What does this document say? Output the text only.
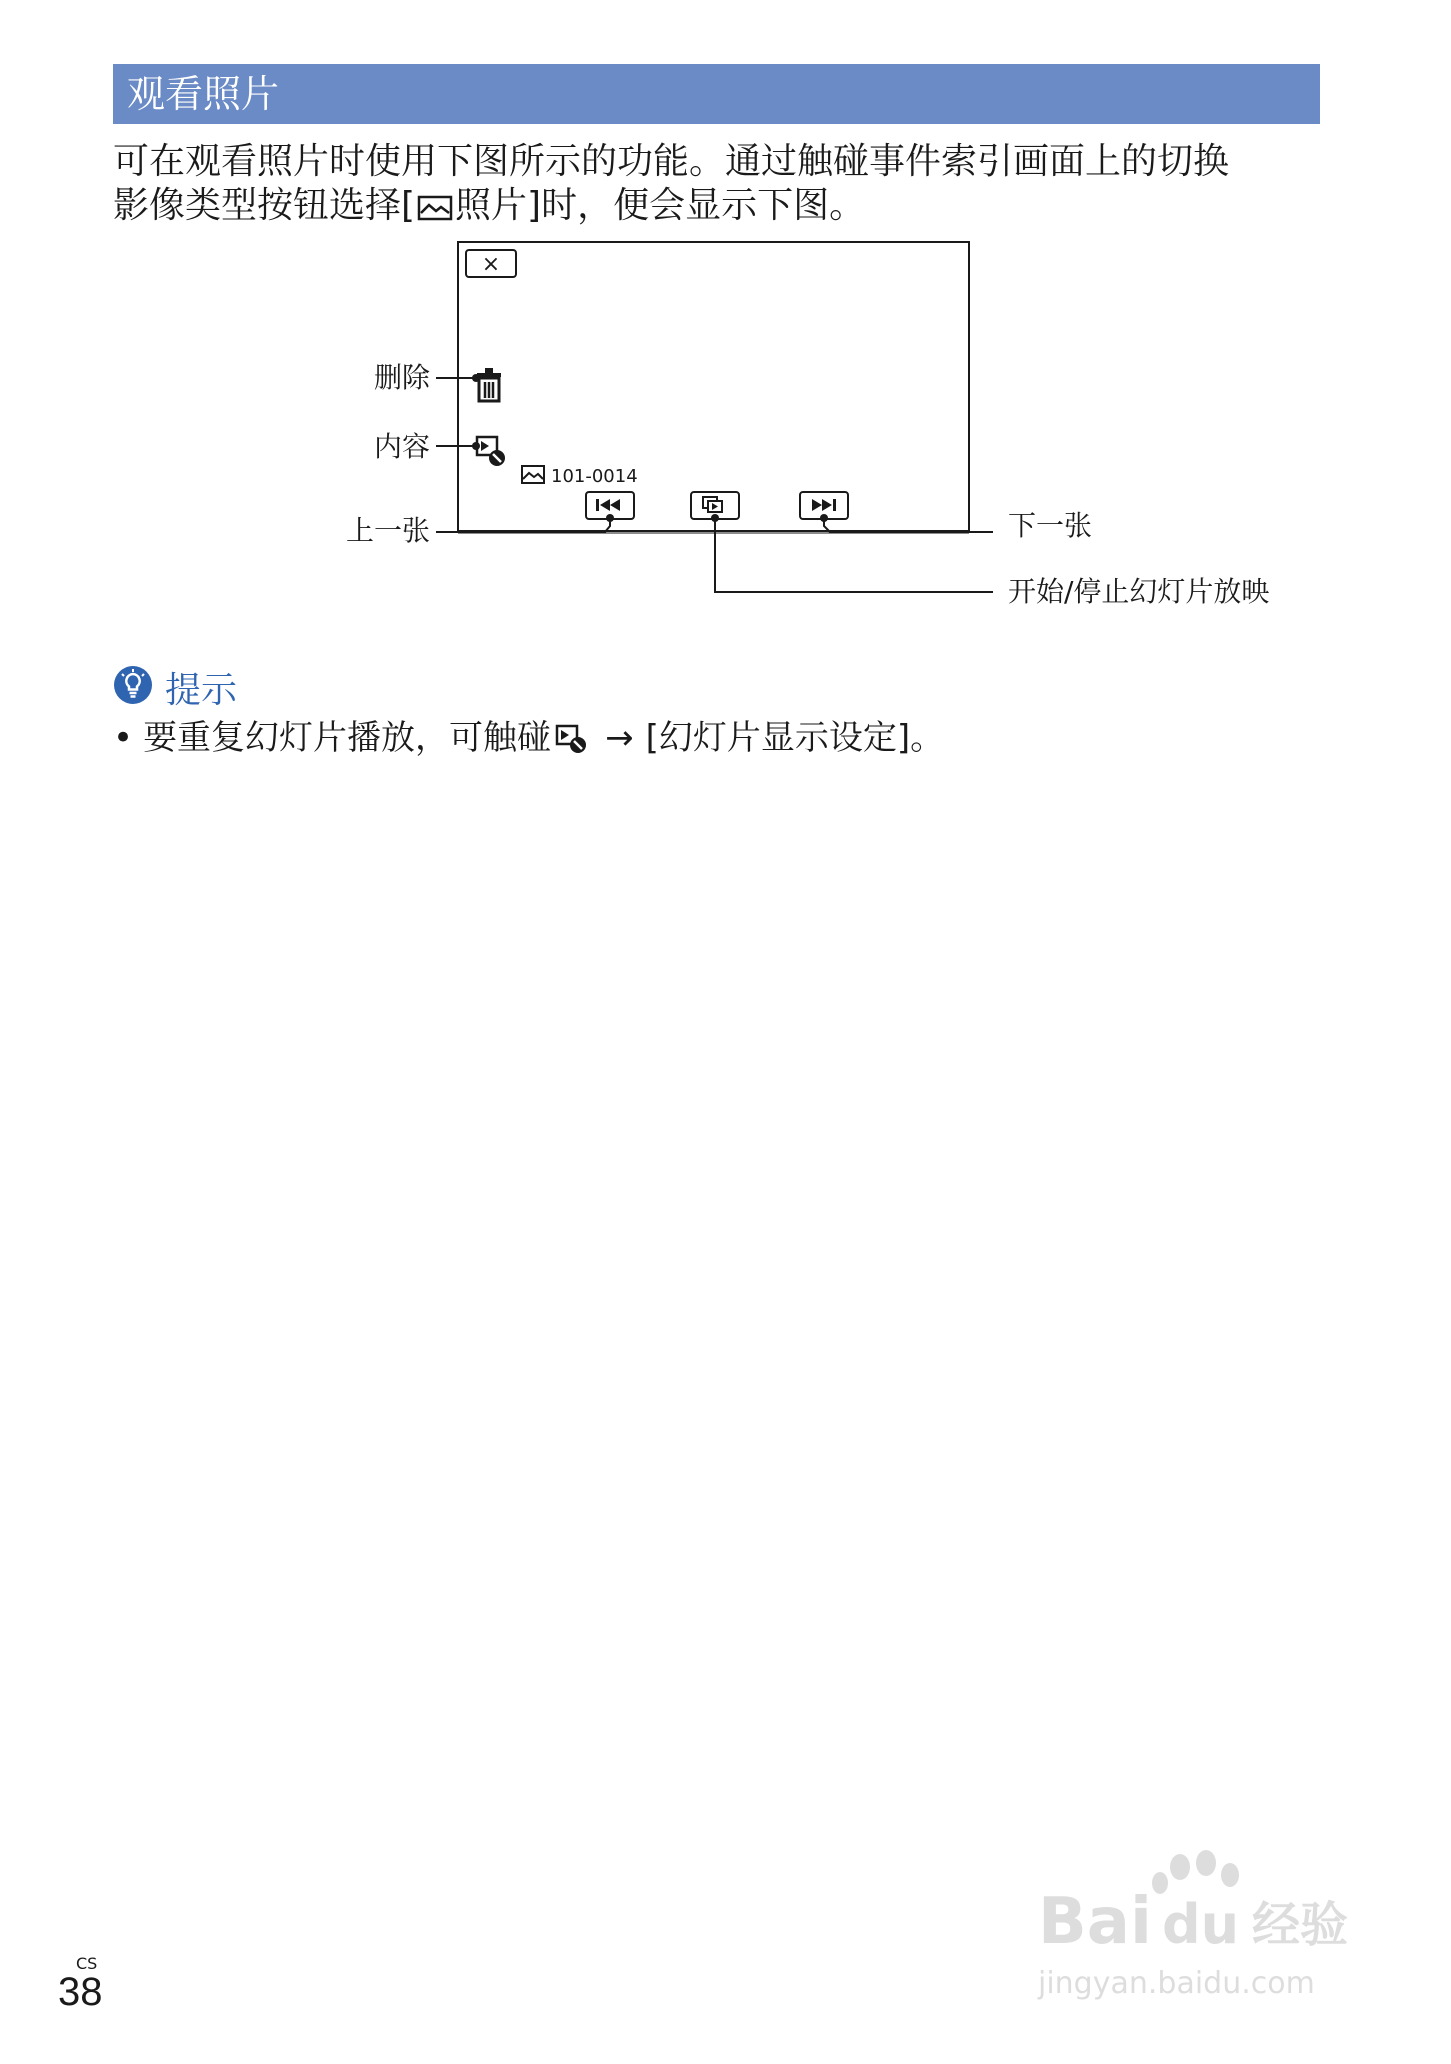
观看照片
可在观看照片时使用下图所示的功能。通过触碰事件索引画面上的切换
影像类型按钮选择[ 照片]时，便会显示下图。
×
101-0014
删除
内容
上一张	下一张
开始/停止幻灯片放映
提示
• 要重复幻灯片播放，可触碰 → [幻灯片显示设定]。
CS
38
Bai du 经验
jingyan.baidu.com
